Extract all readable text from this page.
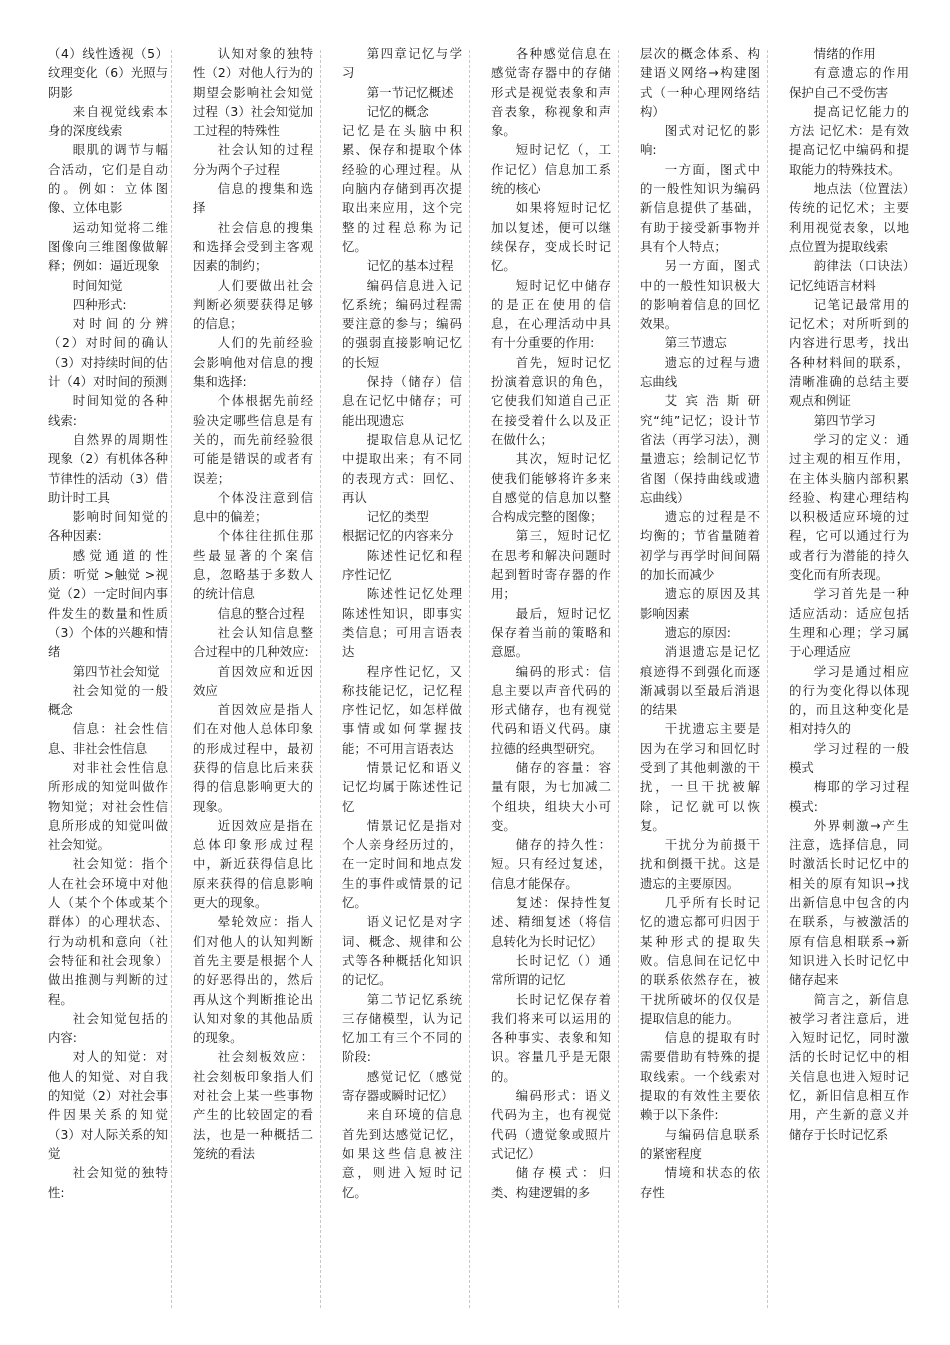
（4）线性透视（5）纹理变化（6）光照与阴影

来自视觉线索本身的深度线索

眼肌的调节与幅合活动，它们是自动的。例如：立体图像、立体电影

运动知觉将二维图像向三维图像做解释；例如：逼近现象

时间知觉

四种形式:

对时间的分辨（2）对时间的确认（3）对持续时间的估计（4）对时间的预测

时间知觉的各种线索:

自然界的周期性现象（2）有机体各种节律性的活动（3）借助计时工具

影响时间知觉的各种因素:

感觉通道的性质：听觉 >触觉 >视觉（2）一定时间内事件发生的数量和性质（3）个体的兴趣和情绪

第四节社会知觉

社会知觉的一般概念

信息：社会性信息、非社会性信息

对非社会性信息所形成的知觉叫做作物知觉；对社会性信息所形成的知觉叫做社会知觉。

社会知觉：指个人在社会环境中对他人（某个个体或某个群体）的心理状态、行为动机和意向（社会特征和社会现象）做出推测与判断的过程。

社会知觉包括的内容:

对人的知觉：对他人的知觉、对自我的知觉（2）对社会事件因果关系的知觉（3）对人际关系的知觉

社会知觉的独特性:

认知对象的独特性（2）对他人行为的期望会影响社会知觉过程（3）社会知觉加工过程的特殊性

社会认知的过程 分为两个子过程

信息的搜集和选择

社会信息的搜集和选择会受到主客观因素的制约；

人们要做出社会判断必须要获得足够的信息；

人们的先前经验会影响他对信息的搜集和选择:

个体根据先前经验决定哪些信息是有关的，而先前经验很可能是错误的或者有误差；

个体没注意到信息中的偏差；

个体往往抓住那些最显著的个案信息，忽略基于多数人的统计信息

信息的整合过程

社会认知信息整合过程中的几种效应:

首因效应和近因效应

首因效应是指人们在对他人总体印象的形成过程中，最初获得的信息比后来获得的信息影响更大的现象。

近因效应是指在总体印象形成过程中，新近获得信息比原来获得的信息影响更大的现象。

晕轮效应：指人们对他人的认知判断首先主要是根据个人的好恶得出的，然后再从这个判断推论出认知对象的其他品质的现象。

社会刻板效应：社会刻板印象指人们对社会上某一些事物产生的比较固定的看法，也是一种概括二笼统的看法

第四章记忆与学习

第一节记忆概述

记忆的概念

记忆是在头脑中积累、保存和提取个体经验的心理过程。从向脑内存储到再次提取出来应用，这个完整的过程总称为记忆。

记忆的基本过程

编码信息进入记忆系统；编码过程需要注意的参与；编码的强弱直接影响记忆的长短

保持（储存）信息在记忆中储存；可能出现遗忘

提取信息从记忆中提取出来；有不同的表现方式：回忆、再认

记忆的类型

根据记忆的内容来分

陈述性记忆和程序性记忆

陈述性记忆处理陈述性知识，即事实类信息；可用言语表达

程序性记忆，又称技能记忆，记忆程序性记忆，如怎样做事情或如何掌握技能；不可用言语表达

情景记忆和语义记忆均属于陈述性记忆

情景记忆是指对个人亲身经历过的，在一定时间和地点发生的事件或情景的记忆。

语义记忆是对字词、概念、规律和公式等各种概括化知识的记忆。

第二节记忆系统 三存储模型，认为记忆加工有三个不同的阶段:

感觉记忆（感觉寄存器或瞬时记忆）

来自环境的信息首先到达感觉记忆，如果这些信息被注意，则进入短时记忆。

各种感觉信息在感觉寄存器中的存储形式是视觉表象和声音表象，称视象和声象。

短时记忆（，工作记忆）信息加工系统的核心

如果将短时记忆加以复述，便可以继续保存，变成长时记忆。

短时记忆中储存的是正在使用的信息，在心理活动中具有十分重要的作用:

首先，短时记忆扮演着意识的角色，它使我们知道自己正在接受着什么以及正在做什么；

其次，短时记忆使我们能够将许多来自感觉的信息加以整合构成完整的图像；

第三，短时记忆在思考和解决问题时起到暂时寄存器的作用；

最后，短时记忆保存着当前的策略和意愿。

编码的形式：信息主要以声音代码的形式储存，也有视觉代码和语义代码。康拉德的经典型研究。

储存的容量：容量有限，为七加减二个组块，组块大小可变。

储存的持久性：短。只有经过复述，信息才能保存。

复述：保持性复述、精细复述（将信息转化为长时记忆）

长时记忆（）通常所谓的记忆

长时记忆保存着我们将来可以运用的各种事实、表象和知识。容量几乎是无限的。

编码形式：语义代码为主，也有视觉代码（遗觉象或照片式记忆）

储存模式：归类、构建逻辑的多

层次的概念体系、构建语义网络→构建图式（一种心理网络结构）

图式对记忆的影响:

一方面，图式中的一般性知识为编码新信息提供了基础，有助于接受新事物并具有个人特点；

另一方面，图式中的一般性知识极大的影响着信息的回忆效果。

第三节遗忘

遗忘的过程与遗忘曲线

艾宾浩斯研究“纯”记忆；设计节省法（再学习法），测量遗忘；绘制记忆节省图（保持曲线或遗忘曲线）

遗忘的过程是不均衡的；节省量随着初学与再学时间间隔的加长而减少

遗忘的原因及其影响因素

遗忘的原因:

消退遗忘是记忆痕迹得不到强化而逐渐减弱以至最后消退的结果

干扰遗忘主要是因为在学习和回忆时受到了其他刺激的干扰，一旦干扰被解除，记忆就可以恢复。

干扰分为前摄干扰和倒摄干扰。这是遗忘的主要原因。

几乎所有长时记忆的遗忘都可归因于某种形式的提取失败。信息间在记忆中的联系依然存在，被干扰所破坏的仅仅是提取信息的能力。

信息的提取有时需要借助有特殊的提取线索。一个线索对提取的有效性主要依赖于以下条件:

与编码信息联系的紧密程度

情境和状态的依存性

情绪的作用

有意遗忘的作用 保护自己不受伤害

提高记忆能力的方法 记忆术：是有效提高记忆中编码和提取能力的特殊技术。

地点法（位置法）传统的记忆术；主要利用视觉表象，以地点位置为提取线索

韵律法（口诀法）记忆纯语言材料

记笔记最常用的记忆术；对所听到的内容进行思考，找出各种材料间的联系，清晰准确的总结主要观点和例证

第四节学习

学习的定义：通过主观的相互作用，在主体头脑内部积累经验、构建心理结构以积极适应环境的过程，它可以通过行为或者行为潜能的持久变化而有所表现。

学习首先是一种适应活动：适应包括生理和心理；学习属于心理适应

学习是通过相应的行为变化得以体现的，而且这种变化是相对持久的

学习过程的一般模式

梅耶的学习过程模式:

外界刺激→产生注意，选择信息，同时激活长时记忆中的相关的原有知识→找出新信息中包含的内在联系，与被激活的原有信息相联系→新知识进入长时记忆中储存起来

简言之，新信息被学习者注意后，进入短时记忆，同时激活的长时记忆中的相关信息也进入短时记忆，新旧信息相互作用，产生新的意义并储存于长时记忆系
